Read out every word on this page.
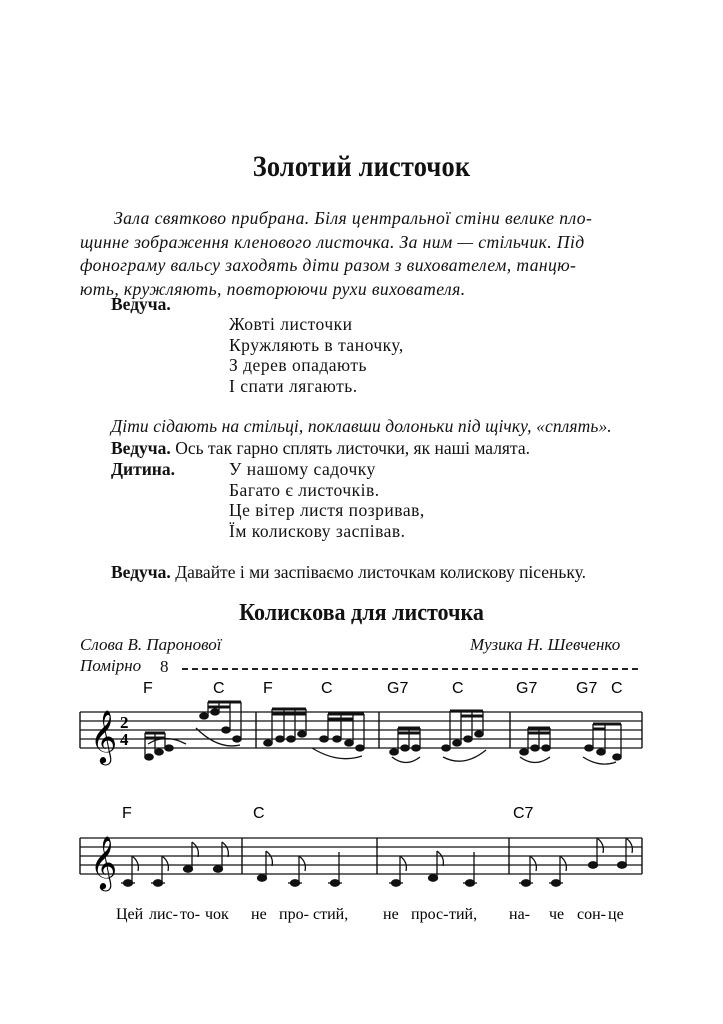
Золотий листочок
Зала святково прибрана. Біля центральної стіни велике пло-
щинне зображення кленового листочка. За ним — стільчик. Під
фонограму вальсу заходять діти разом з вихователем, танцю-
ють, кружляють, повторюючи рухи вихователя.
Ведуча.
Жовті листочки
Кружляють в таночку,
З дерев опадають
І спати лягають.
Діти сідають на стільці, поклавши долоньки під щічку, «сплять».
Ведуча. Ось так гарно сплять листочки, як наші малята.
Дитина.	У нашому садочку
Багато є листочків.
Це вітер листя позривав,
Їм колискову заспівав.
Ведуча. Давайте і ми заспіваємо листочкам колискову пісеньку.
Колискова для листочка
Слова В. Паронової	Музика Н. Шевченко
Помірно 8
F	C F	C	G7	C	G7 G7 C
𝄞 2
4
F	C	C7
𝄞
Цей лис- то- чок не про- стий, не прос- тий, на- че сон- це
